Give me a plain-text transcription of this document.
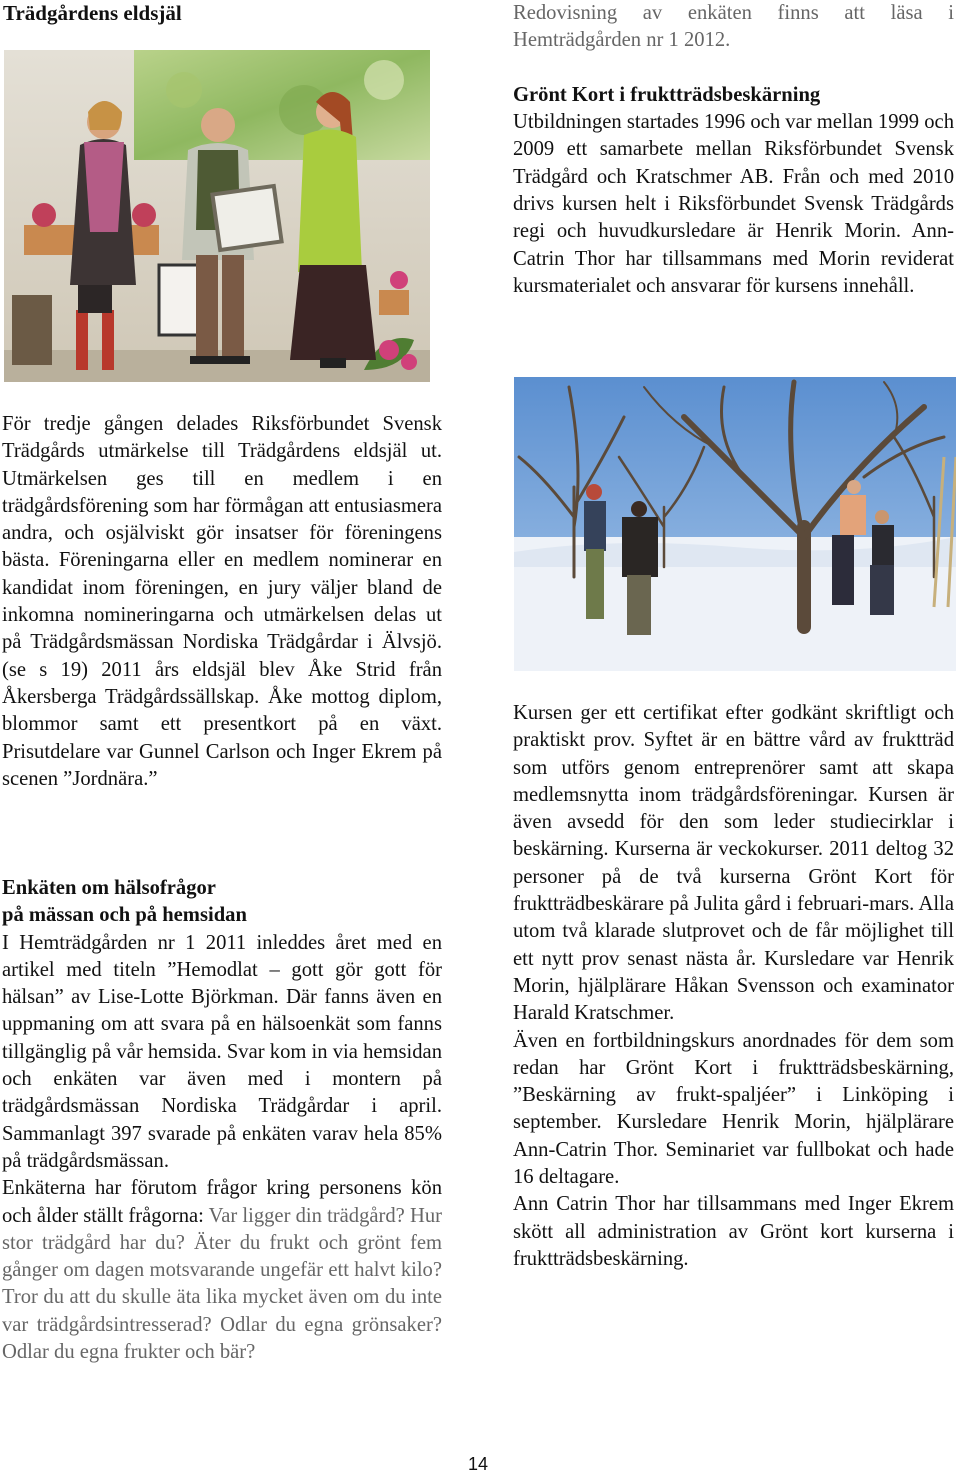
Trädgårdens eldsjäl	Redovisning av enkäten finns att läsa i Hemträdgården nr 1 2012.

Grönt Kort i fruktträdsbeskärning

Utbildningen startades 1996 och var mellan 1999 och 2009 ett samarbete mellan Riksförbundet Svensk Trädgård och Kratschmer AB. Från och med 2010 drivs kursen helt i Riksförbundet Svensk Trädgårds regi och huvudkursledare är Henrik Morin. Ann-Catrin Thor har tillsammans med Morin reviderat kursmaterialet och ansvarar för kursens innehåll.

För tredje gången delades Riksförbundet Svensk Trädgårds utmärkelse till Trädgårdens eldsjäl ut. Utmärkelsen ges till en medlem i en trädgårdsförening som har förmågan att entusiasmera andra, och osjälviskt gör insatser för föreningens bästa. Föreningarna eller en medlem nominerar en kandidat inom föreningen, en jury väljer bland de inkomna nomineringarna och utmärkelsen delas ut på Trädgårdsmässan Nordiska Trädgårdar i Älvsjö. (se s 19) 2011 års eldsjäl blev Åke Strid från Åkersberga Trädgårdssällskap. Åke mottog diplom, blommor samt ett presentkort på en växt. Prisutdelare var Gunnel Carlson och Inger Ekrem på scenen ”Jordnära.”

Enkäten om hälsofrågor
på mässan och på hemsidan

I Hemträdgården nr 1 2011 inleddes året med en artikel med titeln ”Hemodlat – gott gör gott för hälsan” av Lise-Lotte Björkman. Där fanns även en uppmaning om att svara på en hälsoenkät som fanns tillgänglig på vår hemsida. Svar kom in via hemsidan och enkäten var även med i montern på trädgårdsmässan Nordiska Trädgårdar i april. Sammanlagt 397 svarade på enkäten varav hela 85% på trädgårdsmässan.

Enkäterna har förutom frågor kring personens kön och ålder ställt frågorna: Var ligger din trädgård? Hur stor trädgård har du? Äter du frukt och grönt fem gånger om dagen motsvarande ungefär ett halvt kilo? Tror du att du skulle äta lika mycket även om du inte var trädgårdsintresserad? Odlar du egna grönsaker? Odlar du egna frukter och bär?

Kursen ger ett certifikat efter godkänt skriftligt och praktiskt prov. Syftet är en bättre vård av fruktträd som utförs genom entreprenörer samt att skapa medlemsnytta inom trädgårdsföreningar. Kursen är även avsedd för den som leder studiecirklar i beskärning. Kurserna är veckokurser. 2011 deltog 32 personer på de två kurserna Grönt Kort för fruktträdbeskärare på Julita gård i februari-mars. Alla utom två klarade slutprovet och de får möjlighet till ett nytt prov senast nästa år. Kursledare var Henrik Morin, hjälplärare Håkan Svensson och examinator Harald Kratschmer.

Även en fortbildningskurs anordnades för dem som redan har Grönt Kort i fruktträdsbeskärning, ”Beskärning av frukt-spaljéer” i Linköping i september. Kursledare Henrik Morin, hjälplärare Ann-Catrin Thor. Seminariet var fullbokat och hade 16 deltagare.

Ann Catrin Thor har tillsammans med Inger Ekrem skött all administration av Grönt kort kurserna i fruktträdsbeskärning.

14
